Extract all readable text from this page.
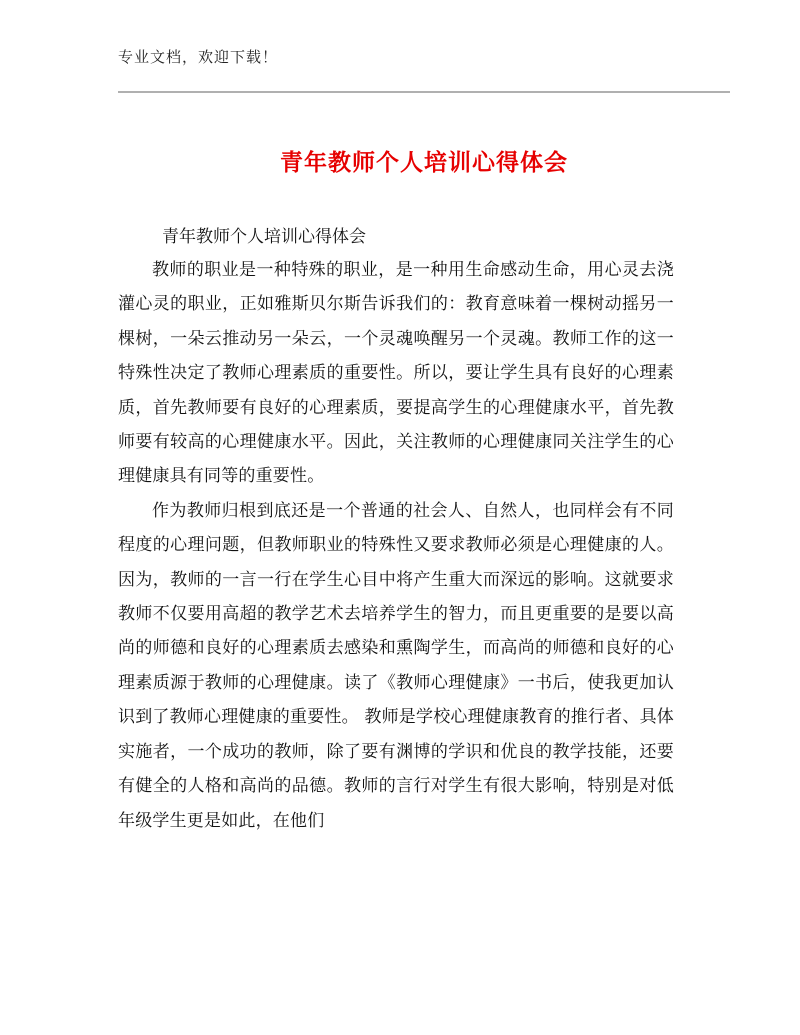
专业文档，欢迎下载！
青年教师个人培训心得体会
青年教师个人培训心得体会

教师的职业是一种特殊的职业，是一种用生命感动生命，用心灵去浇灌心灵的职业，正如雅斯贝尔斯告诉我们的：教育意味着一棵树动摇另一棵树，一朵云推动另一朵云，一个灵魂唤醒另一个灵魂。教师工作的这一特殊性决定了教师心理素质的重要性。所以，要让学生具有良好的心理素质，首先教师要有良好的心理素质，要提高学生的心理健康水平，首先教师要有较高的心理健康水平。因此，关注教师的心理健康同关注学生的心理健康具有同等的重要性。

作为教师归根到底还是一个普通的社会人、自然人，也同样会有不同程度的心理问题，但教师职业的特殊性又要求教师必须是心理健康的人。因为，教师的一言一行在学生心目中将产生重大而深远的影响。这就要求教师不仅要用高超的教学艺术去培养学生的智力，而且更重要的是要以高尚的师德和良好的心理素质去感染和熏陶学生，而高尚的师德和良好的心理素质源于教师的心理健康。读了《教师心理健康》一书后，使我更加认识到了教师心理健康的重要性。 教师是学校心理健康教育的推行者、具体实施者，一个成功的教师，除了要有渊博的学识和优良的教学技能，还要有健全的人格和高尚的品德。教师的言行对学生有很大影响，特别是对低年级学生更是如此，在他们
